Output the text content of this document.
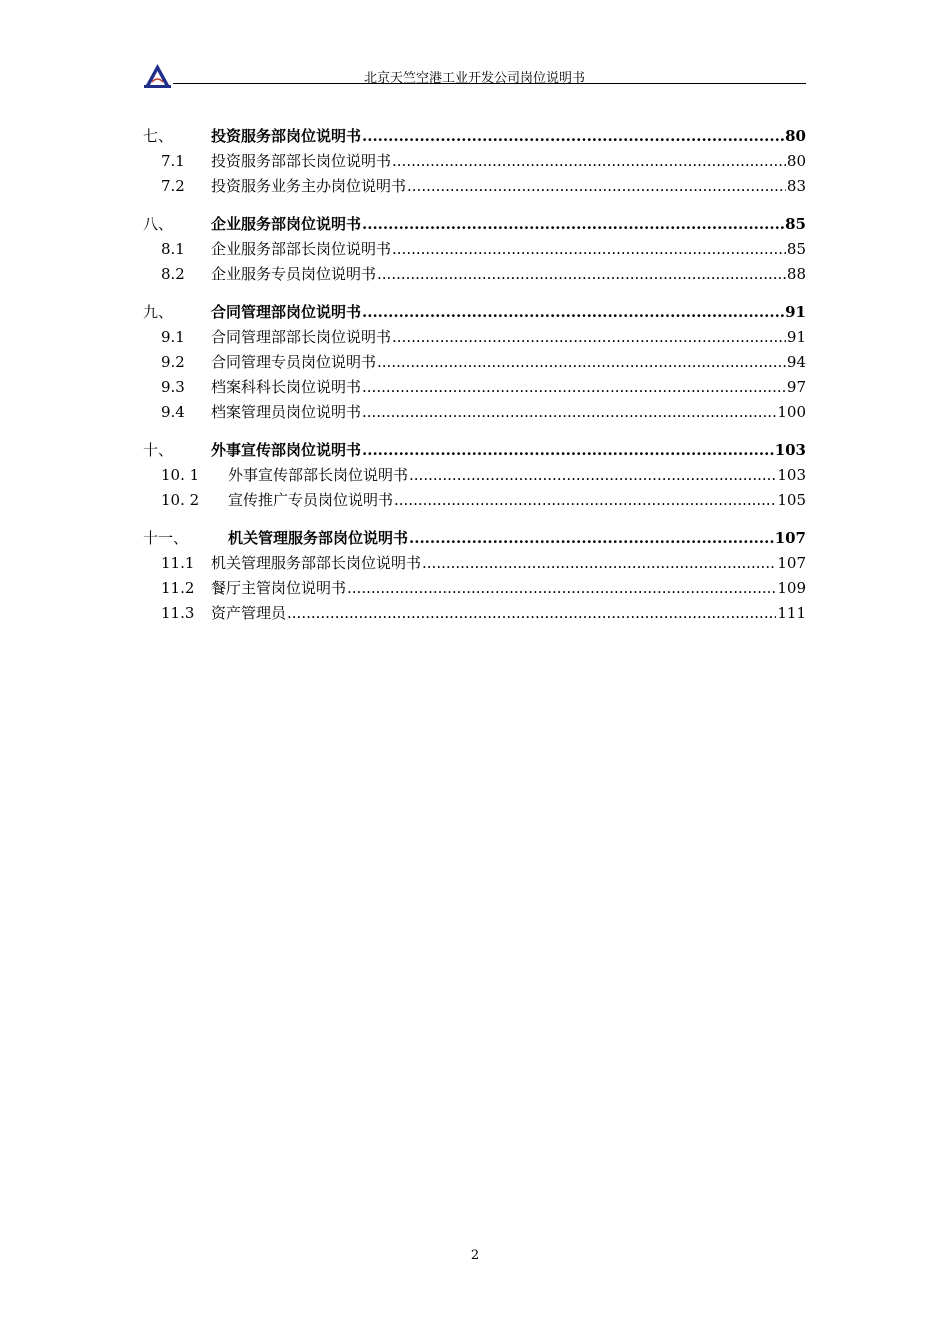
北京天竺空港工业开发公司岗位说明书
七、	投资服务部岗位说明书 .....	80
7.1 投资服务部部长岗位说明书 .....	80
7.2 投资服务业务主办岗位说明书 .....	83
八、	企业服务部岗位说明书 .....	85
8.1 企业服务部部长岗位说明书 .....	85
8.2 企业服务专员岗位说明书 .....	88
九、	合同管理部岗位说明书 .....	91
9.1 合同管理部部长岗位说明书 .....	91
9.2 合同管理专员岗位说明书 .....	94
9.3 档案科科长岗位说明书 .....	97
9.4 档案管理员岗位说明书 .....	100
十、	外事宣传部岗位说明书 .....	103
10. 1 外事宣传部部长岗位说明书 .....	103
10. 2 宣传推广专员岗位说明书 .....	105
十一、	机关管理服务部岗位说明书 .....	107
11.1 机关管理服务部部长岗位说明书 .....	107
11.2 餐厅主管岗位说明书 .....	109
11.3 资产管理员 .....	111
2
